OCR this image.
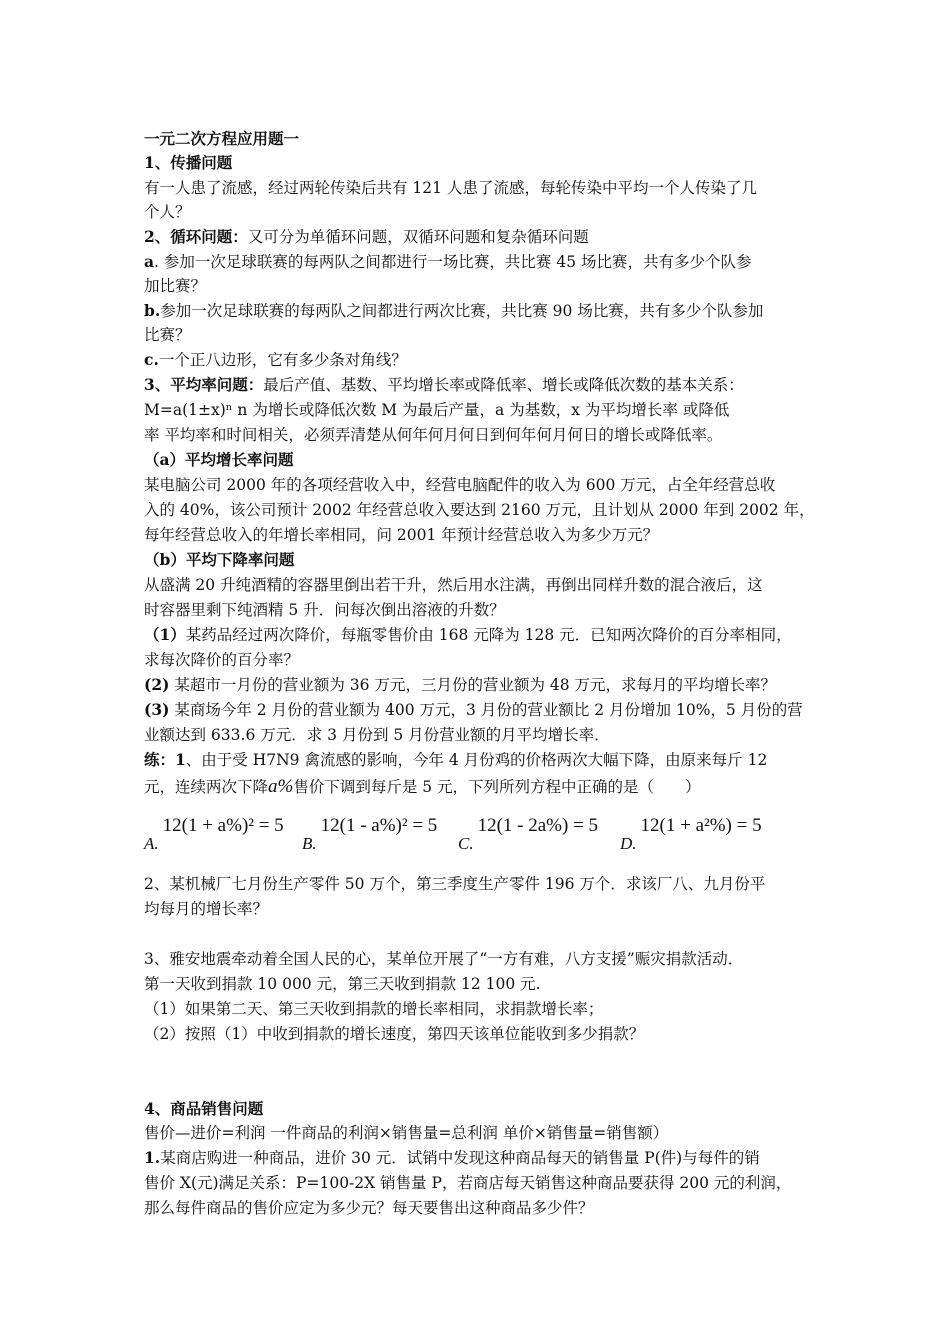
一元二次方程应用题一
1、传播问题
有一人患了流感，经过两轮传染后共有 121 人患了流感，每轮传染中平均一个人传染了几
个人？
2、循环问题：又可分为单循环问题，双循环问题和复杂循环问题
a. 参加一次足球联赛的每两队之间都进行一场比赛，共比赛 45 场比赛，共有多少个队参
加比赛？
b.参加一次足球联赛的每两队之间都进行两次比赛，共比赛 90 场比赛，共有多少个队参加
比赛？
c.一个正八边形，它有多少条对角线？
3、平均率问题：最后产值、基数、平均增长率或降低率、增长或降低次数的基本关系：
M=a(1±x)ⁿ n 为增长或降低次数 M 为最后产量，a 为基数，x 为平均增长率 或降低
率 平均率和时间相关，必须弄清楚从何年何月何日到何年何月何日的增长或降低率。
（a）平均增长率问题
某电脑公司 2000 年的各项经营收入中，经营电脑配件的收入为 600 万元，占全年经营总收
入的 40%，该公司预计 2002 年经营总收入要达到 2160 万元，且计划从 2000 年到 2002 年，
每年经营总收入的年增长率相同，问 2001 年预计经营总收入为多少万元？
（b）平均下降率问题
从盛满 20 升纯酒精的容器里倒出若干升，然后用水注满，再倒出同样升数的混合液后，这
时容器里剩下纯酒精 5 升．问每次倒出溶液的升数？
（1）某药品经过两次降价，每瓶零售价由 168 元降为 128 元．已知两次降价的百分率相同，
求每次降价的百分率？
(2) 某超市一月份的营业额为 36 万元，三月份的营业额为 48 万元，求每月的平均增长率？
(3) 某商场今年 2 月份的营业额为 400 万元，3 月份的营业额比 2 月份增加 10%，5 月份的营
业额达到 633.6 万元．求 3 月份到 5 月份营业额的月平均增长率．
练：1、由于受 H7N9 禽流感的影响，今年 4 月份鸡的价格两次大幅下降，由原来每斤 12
元，连续两次下降a%售价下调到每斤是 5 元，下列所列方程中正确的是（　　）
A. 12(1 + a%)² = 5
B. 12(1 - a%)² = 5
C. 12(1 - 2a%) = 5
D. 12(1 + a²%) = 5
2、某机械厂七月份生产零件 50 万个，第三季度生产零件 196 万个．求该厂八、九月份平
均每月的增长率？
3、雅安地震牵动着全国人民的心，某单位开展了“一方有难，八方支援”赈灾捐款活动．
第一天收到捐款 10 000 元，第三天收到捐款 12 100 元.
（1）如果第二天、第三天收到捐款的增长率相同，求捐款增长率；
（2）按照（1）中收到捐款的增长速度，第四天该单位能收到多少捐款？
4、商品销售问题
售价—进价=利润 一件商品的利润×销售量=总利润 单价×销售量=销售额）
1.某商店购进一种商品，进价 30 元．试销中发现这种商品每天的销售量 P(件)与每件的销
售价 X(元)满足关系：P=100-2X 销售量 P，若商店每天销售这种商品要获得 200 元的利润，
那么每件商品的售价应定为多少元？每天要售出这种商品多少件？
